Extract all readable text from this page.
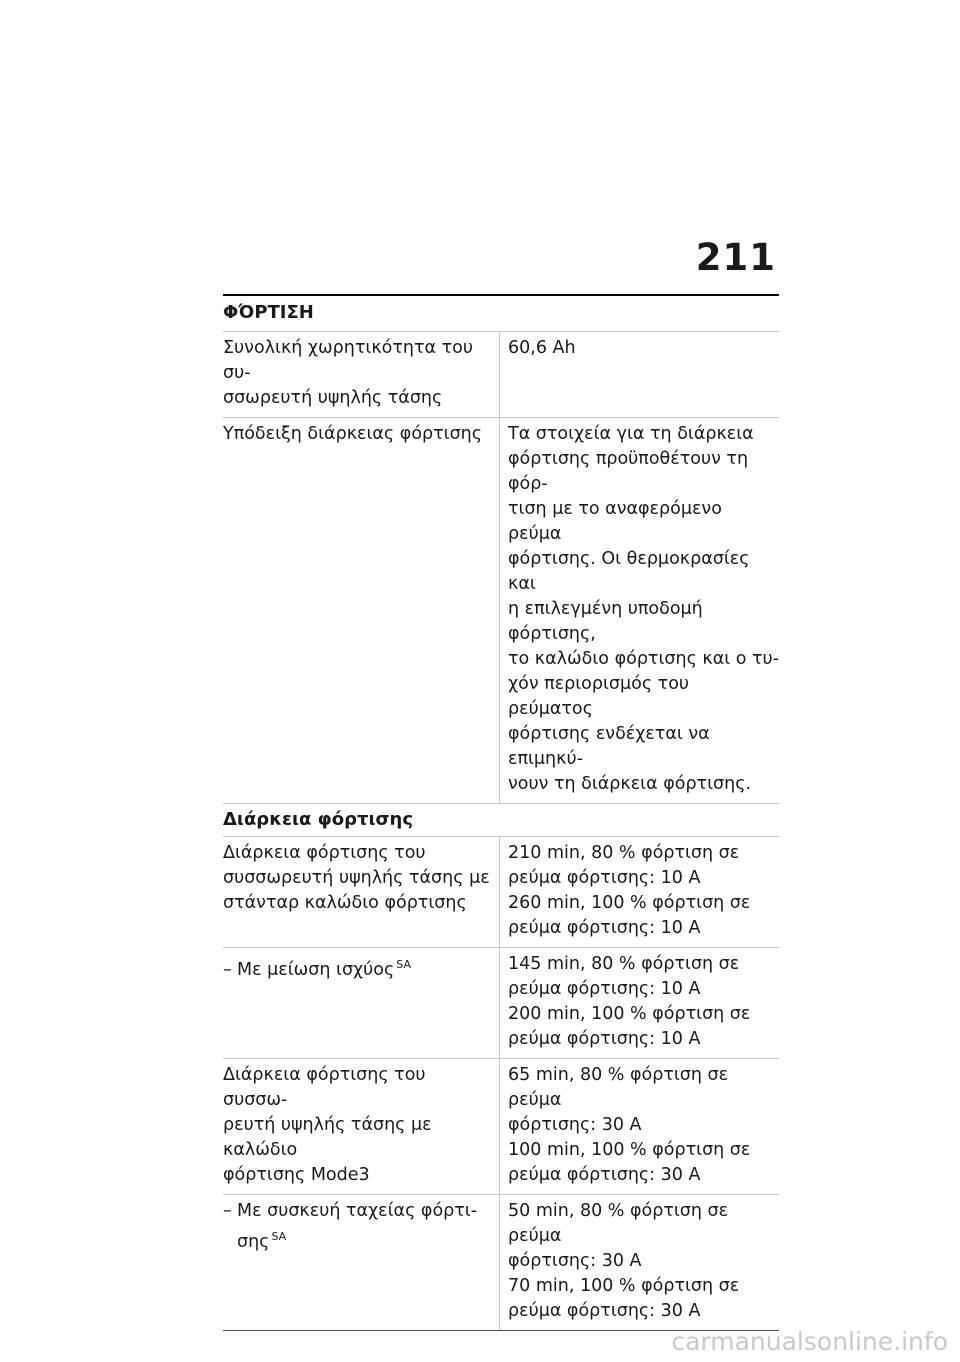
211
ΦΌΡΤΙΣΗ
Συνολική χωρητικότητα του συ-
σσωρευτή υψηλής τάσης
60,6 Ah
Υπόδειξη διάρκειας φόρτισης	Τα στοιχεία για τη διάρκεια
φόρτισης προϋποθέτουν τη φόρ-
τιση με το αναφερόμενο ρεύμα
φόρτισης. Οι θερμοκρασίες και
η επιλεγμένη υποδομή φόρτισης,
το καλώδιο φόρτισης και ο τυ-
χόν περιορισμός του ρεύματος
φόρτισης ενδέχεται να επιμηκύ-
νουν τη διάρκεια φόρτισης.
Διάρκεια φόρτισης
Διάρκεια φόρτισης του
συσσωρευτή υψηλής τάσης με
στάνταρ καλώδιο φόρτισης
210 min, 80 % φόρτιση σε
ρεύμα φόρτισης: 10 A
260 min, 100 % φόρτιση σε
ρεύμα φόρτισης: 10 A
– Με μείωση ισχύος $^{SA}$	145 min, 80 % φόρτιση σε
ρεύμα φόρτισης: 10 A
200 min, 100 % φόρτιση σε
ρεύμα φόρτισης: 10 A
Διάρκεια φόρτισης του συσσω-
ρευτή υψηλής τάσης με καλώδιο
φόρτισης Mode3
65 min, 80 % φόρτιση σε ρεύμα
φόρτισης: 30 A
100 min, 100 % φόρτιση σε
ρεύμα φόρτισης: 30 A
– Με συσκευή ταχείας φόρτι-
σης $^{SA}$
50 min, 80 % φόρτιση σε ρεύμα
φόρτισης: 30 A
70 min, 100 % φόρτιση σε
ρεύμα φόρτισης: 30 A
carmanualsonline.info
